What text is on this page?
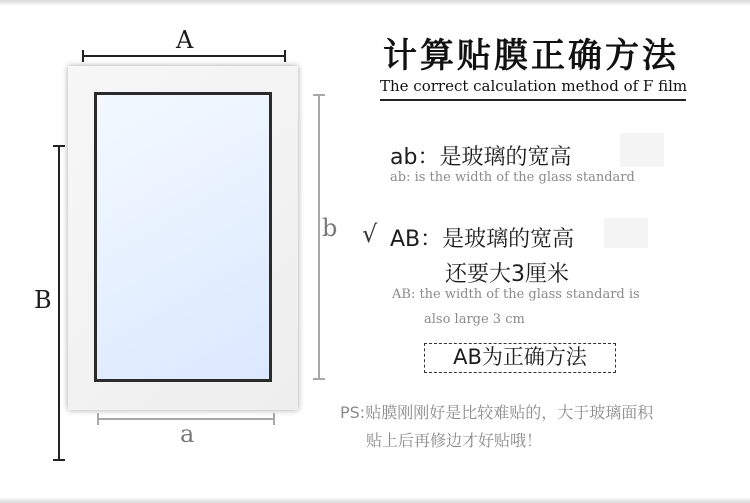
A
B
b
a
计算贴膜正确方法
The correct calculation method of F film
ab：是玻璃的宽高
ab: is the width of the glass standard
√ AB：是玻璃的宽高
还要大3厘米
AB: the width of the glass standard is
also large 3 cm
AB为正确方法
PS:贴膜刚刚好是比较难贴的，大于玻璃面积
贴上后再修边才好贴哦！
